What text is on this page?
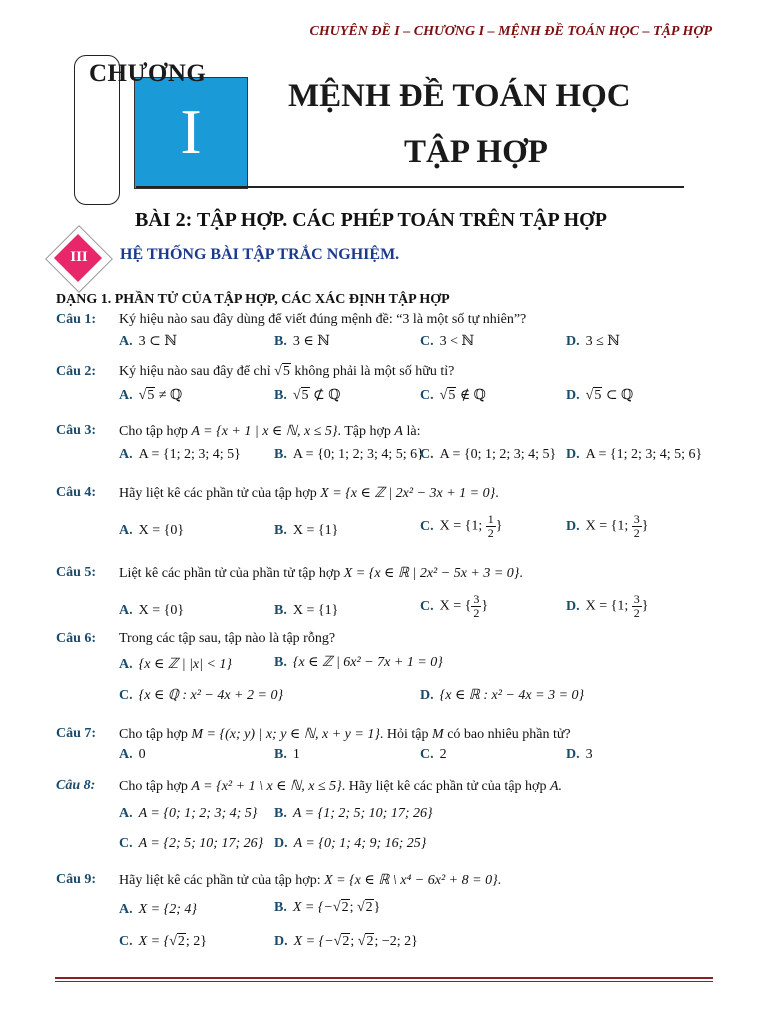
CHUYÊN ĐỀ I – CHƯƠNG I – MỆNH ĐỀ TOÁN HỌC – TẬP HỢP
I
CHƯƠNG
MỆNH ĐỀ TOÁN HỌC
TẬP HỢP
BÀI 2: TẬP HỢP. CÁC PHÉP TOÁN TRÊN TẬP HỢP
III	HỆ THỐNG BÀI TẬP TRẮC NGHIỆM.
DẠNG 1. PHẦN TỬ CỦA TẬP HỢP, CÁC XÁC ĐỊNH TẬP HỢP
Câu 1: Ký hiệu nào sau đây dùng để viết đúng mệnh đề: “3 là một số tự nhiên”?
A. 3 ⊂ ℕ	B. 3 ∈ ℕ	C. 3 < ℕ	D. 3 ≤ ℕ
Câu 2: Ký hiệu nào sau đây để chỉ √5 không phải là một số hữu tỉ?
A. √5 ≠ ℚ	B. √5 ⊄ ℚ	C. √5 ∉ ℚ	D. √5 ⊂ ℚ
Câu 3: Cho tập hợp A = {x + 1 | x ∈ ℕ, x ≤ 5}. Tập hợp A là:
A. A = {1; 2; 3; 4; 5} B. A = {0; 1; 2; 3; 4; 5; 6}
C. A = {0; 1; 2; 3; 4; 5} D. A = {1; 2; 3; 4; 5; 6}
Câu 4: Hãy liệt kê các phần tử của tập hợp X = {x ∈ ℤ | 2x² − 3x + 1 = 0}.
A. X = {0}	B. X = {1}	C. X = {1; $\frac{1}{2}$ }	D. X = {1; $\frac{3}{2}$ }
Câu 5: Liệt kê các phần tử của phần tử tập hợp X = {x ∈ ℝ | 2x² − 5x + 3 = 0}.
A. X = {0}	B. X = {1}	C. X = { $\frac{3}{2}$ }	D. X = {1; $\frac{3}{2}$ }
Câu 6: Trong các tập sau, tập nào là tập rỗng?
A. {x ∈ ℤ | |x| < 1}	B. {x ∈ ℤ | 6x² − 7x + 1 = 0}
C. {x ∈ ℚ : x² − 4x + 2 = 0}	D. {x ∈ ℝ : x² − 4x = 3 = 0}
Câu 7: Cho tập hợp M = {(x; y) | x; y ∈ ℕ, x + y = 1}. Hỏi tập M có bao nhiêu phần tử?
A. 0	B. 1	C. 2	D. 3
Câu 8: Cho tập hợp A = {x² + 1 \ x ∈ ℕ, x ≤ 5}. Hãy liệt kê các phần tử của tập hợp A.
A. A = {0; 1; 2; 3; 4; 5} B. A = {1; 2; 5; 10; 17; 26}
C. A = {2; 5; 10; 17; 26} D. A = {0; 1; 4; 9; 16; 25}
Câu 9: Hãy liệt kê các phần tử của tập hợp: X = {x ∈ ℝ \ x⁴ − 6x² + 8 = 0}.
A. X = {2; 4}	B. X = {−√2; √2}
C. X = {√2; 2}	D. X = {−√2; √2; −2; 2}
